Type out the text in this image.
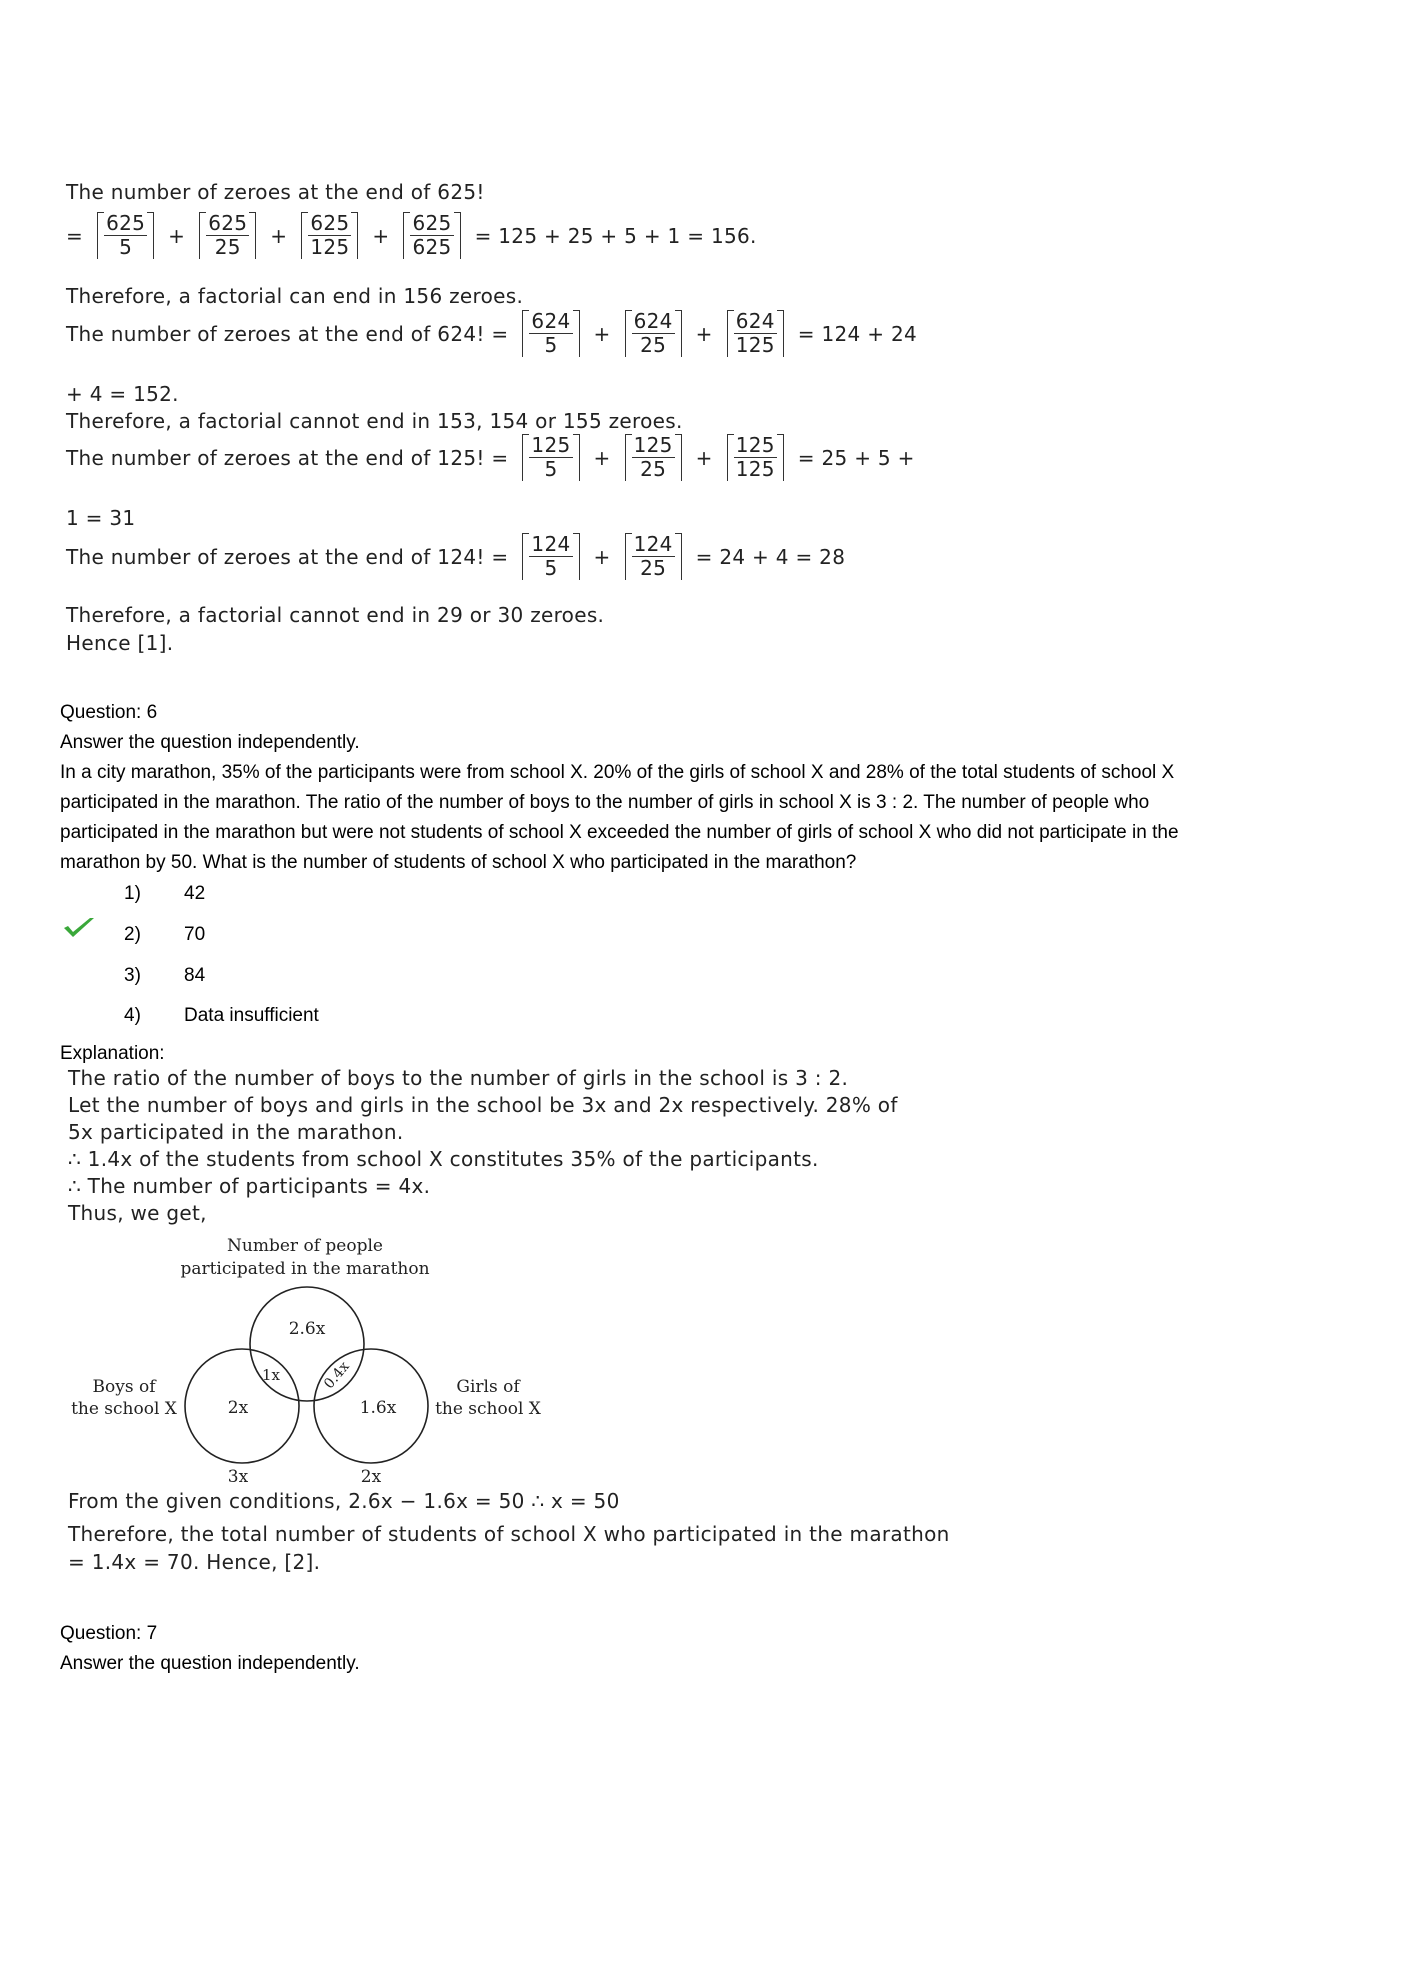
The number of zeroes at the end of 625!
= $\frac{625}{5} + \frac{625}{25} + \frac{625}{125} + \frac{625}{625} = 125 + 25 + 5 + 1 = 156$.
Therefore, a factorial can end in 156 zeroes.
The number of zeroes at the end of 624! = $\frac{624}{5} + \frac{624}{25} + \frac{624}{125} = 124 + 24$
+ 4 = 152.
Therefore, a factorial cannot end in 153, 154 or 155 zeroes.
The number of zeroes at the end of 125! = $\frac{125}{5} + \frac{125}{25} + \frac{125}{125} = 25 + 5$ +
1 = 31
The number of zeroes at the end of 124! = $\frac{124}{5} + \frac{124}{25} = 24 + 4 = 28$
Therefore, a factorial cannot end in 29 or 30 zeroes.
Hence [1].
Question: 6
Answer the question independently.
In a city marathon, 35% of the participants were from school X. 20% of the girls of school X and 28% of the total students of school X
participated in the marathon. The ratio of the number of boys to the number of girls in school X is 3 : 2. The number of people who
participated in the marathon but were not students of school X exceeded the number of girls of school X who did not participate in the
marathon by 50. What is the number of students of school X who participated in the marathon?
1) 42
2) 70
3) 84
4) Data insufficient
Explanation:
The ratio of the number of boys to the number of girls in the school is 3 : 2.
Let the number of boys and girls in the school be 3x and 2x respectively. 28% of
5x participated in the marathon.
∴ 1.4x of the students from school X constitutes 35% of the participants.
∴ The number of participants = 4x.
Thus, we get,
Number of people
participated in the marathon
2.6x
2x	1.6x
1x	0.4x
Boys of
the school X
Girls of
the school X
3x	2x
From the given conditions, 2.6x − 1.6x = 50 ∴ x = 50
Therefore, the total number of students of school X who participated in the marathon
= 1.4x = 70. Hence, [2].
Question: 7
Answer the question independently.
